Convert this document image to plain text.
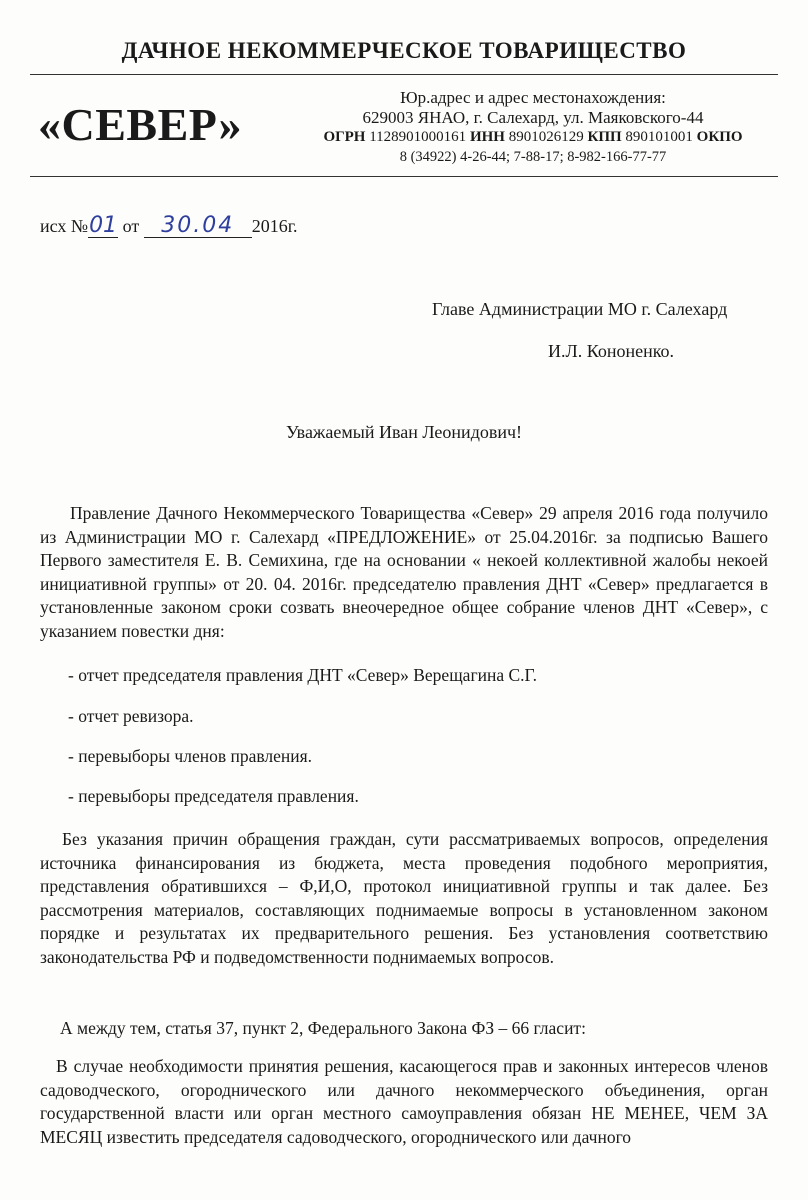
ДАЧНОЕ НЕКОММЕРЧЕСКОЕ ТОВАРИЩЕСТВО
«СЕВЕР»
Юр.адрес и адрес местонахождения:
629003 ЯНАО, г. Салехард, ул. Маяковского-44
ОГРН 1128901000161 ИНН 8901026129 КПП 890101001 ОКПО
8 (34922) 4-26-44; 7-88-17; 8-982-166-77-77
исх №01 от 30.04 2016г.
Главе Администрации МО г. Салехард
И.Л. Кононенко.
Уважаемый Иван Леонидович!
Правление Дачного Некоммерческого Товарищества «Север» 29 апреля 2016 года получило из Администрации МО г. Салехард «ПРЕДЛОЖЕНИЕ» от 25.04.2016г. за подписью Вашего Первого заместителя Е. В. Семихина, где на основании « некоей коллективной жалобы некоей инициативной группы» от 20. 04. 2016г. председателю правления ДНТ «Север» предлагается в установленные законом сроки созвать внеочередное общее собрание членов ДНТ «Север», с указанием повестки дня:
- отчет председателя правления ДНТ «Север» Верещагина С.Г.
- отчет ревизора.
- перевыборы членов правления.
- перевыборы председателя правления.
Без указания причин обращения граждан, сути рассматриваемых вопросов, определения источника финансирования из бюджета, места проведения подобного мероприятия, представления обратившихся – Ф,И,О, протокол инициативной группы и так далее. Без рассмотрения материалов, составляющих поднимаемые вопросы в установленном законом порядке и результатах их предварительного решения. Без установления соответствию законодательства РФ и подведомственности поднимаемых вопросов.
А между тем, статья 37, пункт 2, Федерального Закона ФЗ – 66 гласит:
В случае необходимости принятия решения, касающегося прав и законных интересов членов садоводческого, огороднического или дачного некоммерческого объединения, орган государственной власти или орган местного самоуправления обязан НЕ МЕНЕЕ, ЧЕМ ЗА МЕСЯЦ известить председателя садоводческого, огороднического или дачного
